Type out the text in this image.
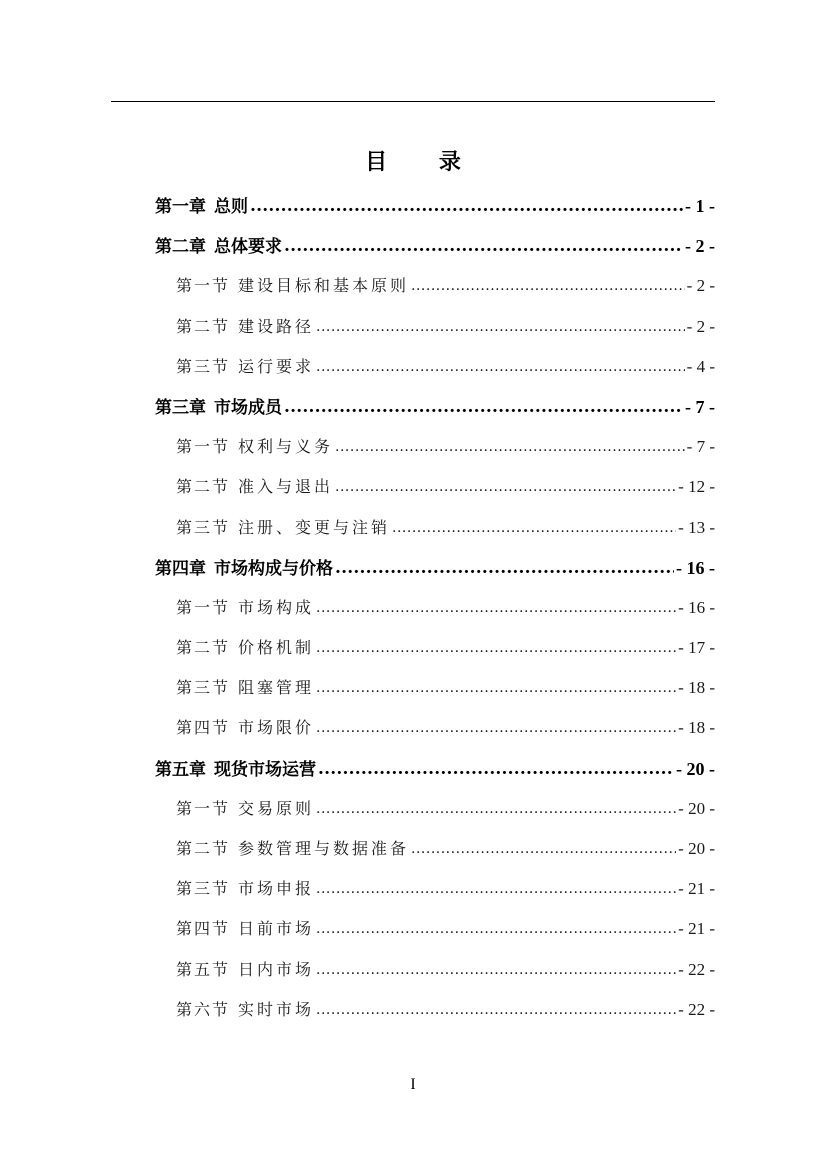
目 录
第一章 总则 .....	- 1 -
第二章 总体要求 .....	- 2 -
第一节 建设目标和基本原则 .....	- 2 -
第二节 建设路径 .....	- 2 -
第三节 运行要求 .....	- 4 -
第三章 市场成员 .....	- 7 -
第一节 权利与义务 .....	- 7 -
第二节 准入与退出 .....	- 12 -
第三节 注册、变更与注销 .....	- 13 -
第四章 市场构成与价格 .....	- 16 -
第一节 市场构成 .....	- 16 -
第二节 价格机制 .....	- 17 -
第三节 阻塞管理 .....	- 18 -
第四节 市场限价 .....	- 18 -
第五章 现货市场运营 .....	- 20 -
第一节 交易原则 .....	- 20 -
第二节 参数管理与数据准备 .....	- 20 -
第三节 市场申报 .....	- 21 -
第四节 日前市场 .....	- 21 -
第五节 日内市场 .....	- 22 -
第六节 实时市场 .....	- 22 -
I
